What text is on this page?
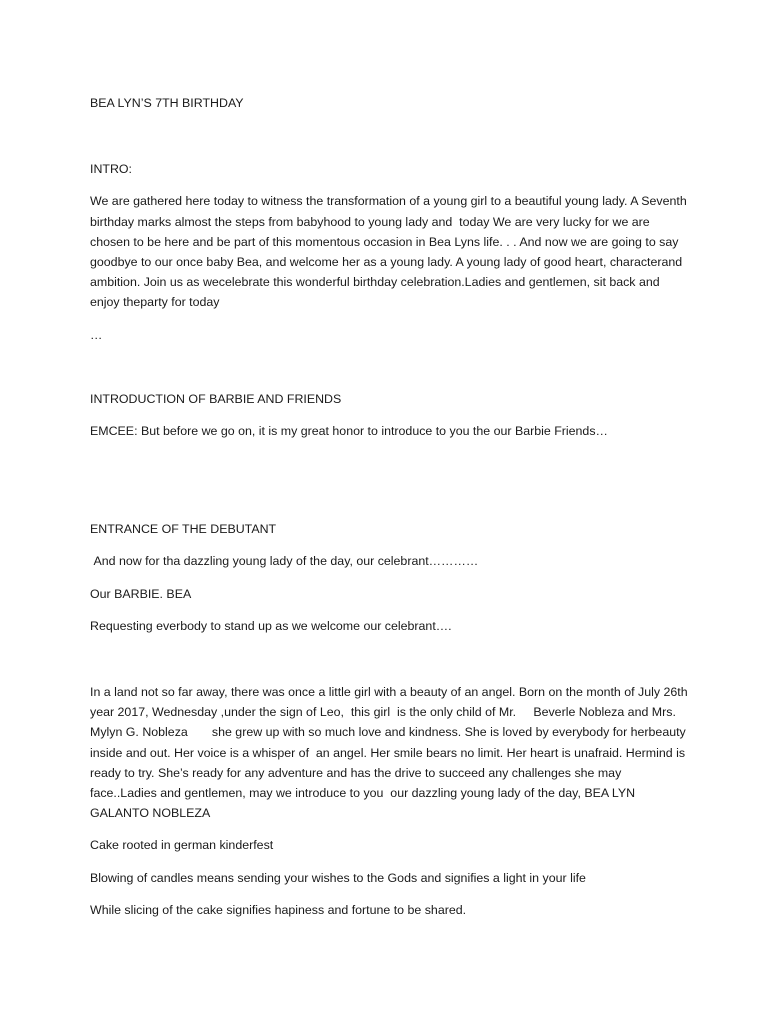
BEA LYN’S 7TH BIRTHDAY

INTRO:

We are gathered here today to witness the transformation of a young girl to a beautiful young lady. A Seventh birthday marks almost the steps from babyhood to young lady and  today We are very lucky for we are chosen to be here and be part of this momentous occasion in Bea Lyns life. . . And now we are going to say goodbye to our once baby Bea, and welcome her as a young lady. A young lady of good heart, characterand ambition. Join us as wecelebrate this wonderful birthday celebration.Ladies and gentlemen, sit back and enjoy theparty for today

…

INTRODUCTION OF BARBIE AND FRIENDS

EMCEE: But before we go on, it is my great honor to introduce to you the our Barbie Friends…

ENTRANCE OF THE DEBUTANT

And now for tha dazzling young lady of the day, our celebrant…………

Our BARBIE. BEA

Requesting everbody to stand up as we welcome our celebrant….

In a land not so far away, there was once a little girl with a beauty of an angel. Born on the month of July 26th year 2017, Wednesday ,under the sign of Leo,  this girl  is the only child of Mr.     Beverle Nobleza and Mrs. Mylyn G. Nobleza       she grew up with so much love and kindness. She is loved by everybody for herbeauty inside and out. Her voice is a whisper of  an angel. Her smile bears no limit. Her heart is unafraid. Hermind is ready to try. She’s ready for any adventure and has the drive to succeed any challenges she may face..Ladies and gentlemen, may we introduce to you  our dazzling young lady of the day, BEA LYN GALANTO NOBLEZA

Cake rooted in german kinderfest

Blowing of candles means sending your wishes to the Gods and signifies a light in your life

While slicing of the cake signifies hapiness and fortune to be shared.
